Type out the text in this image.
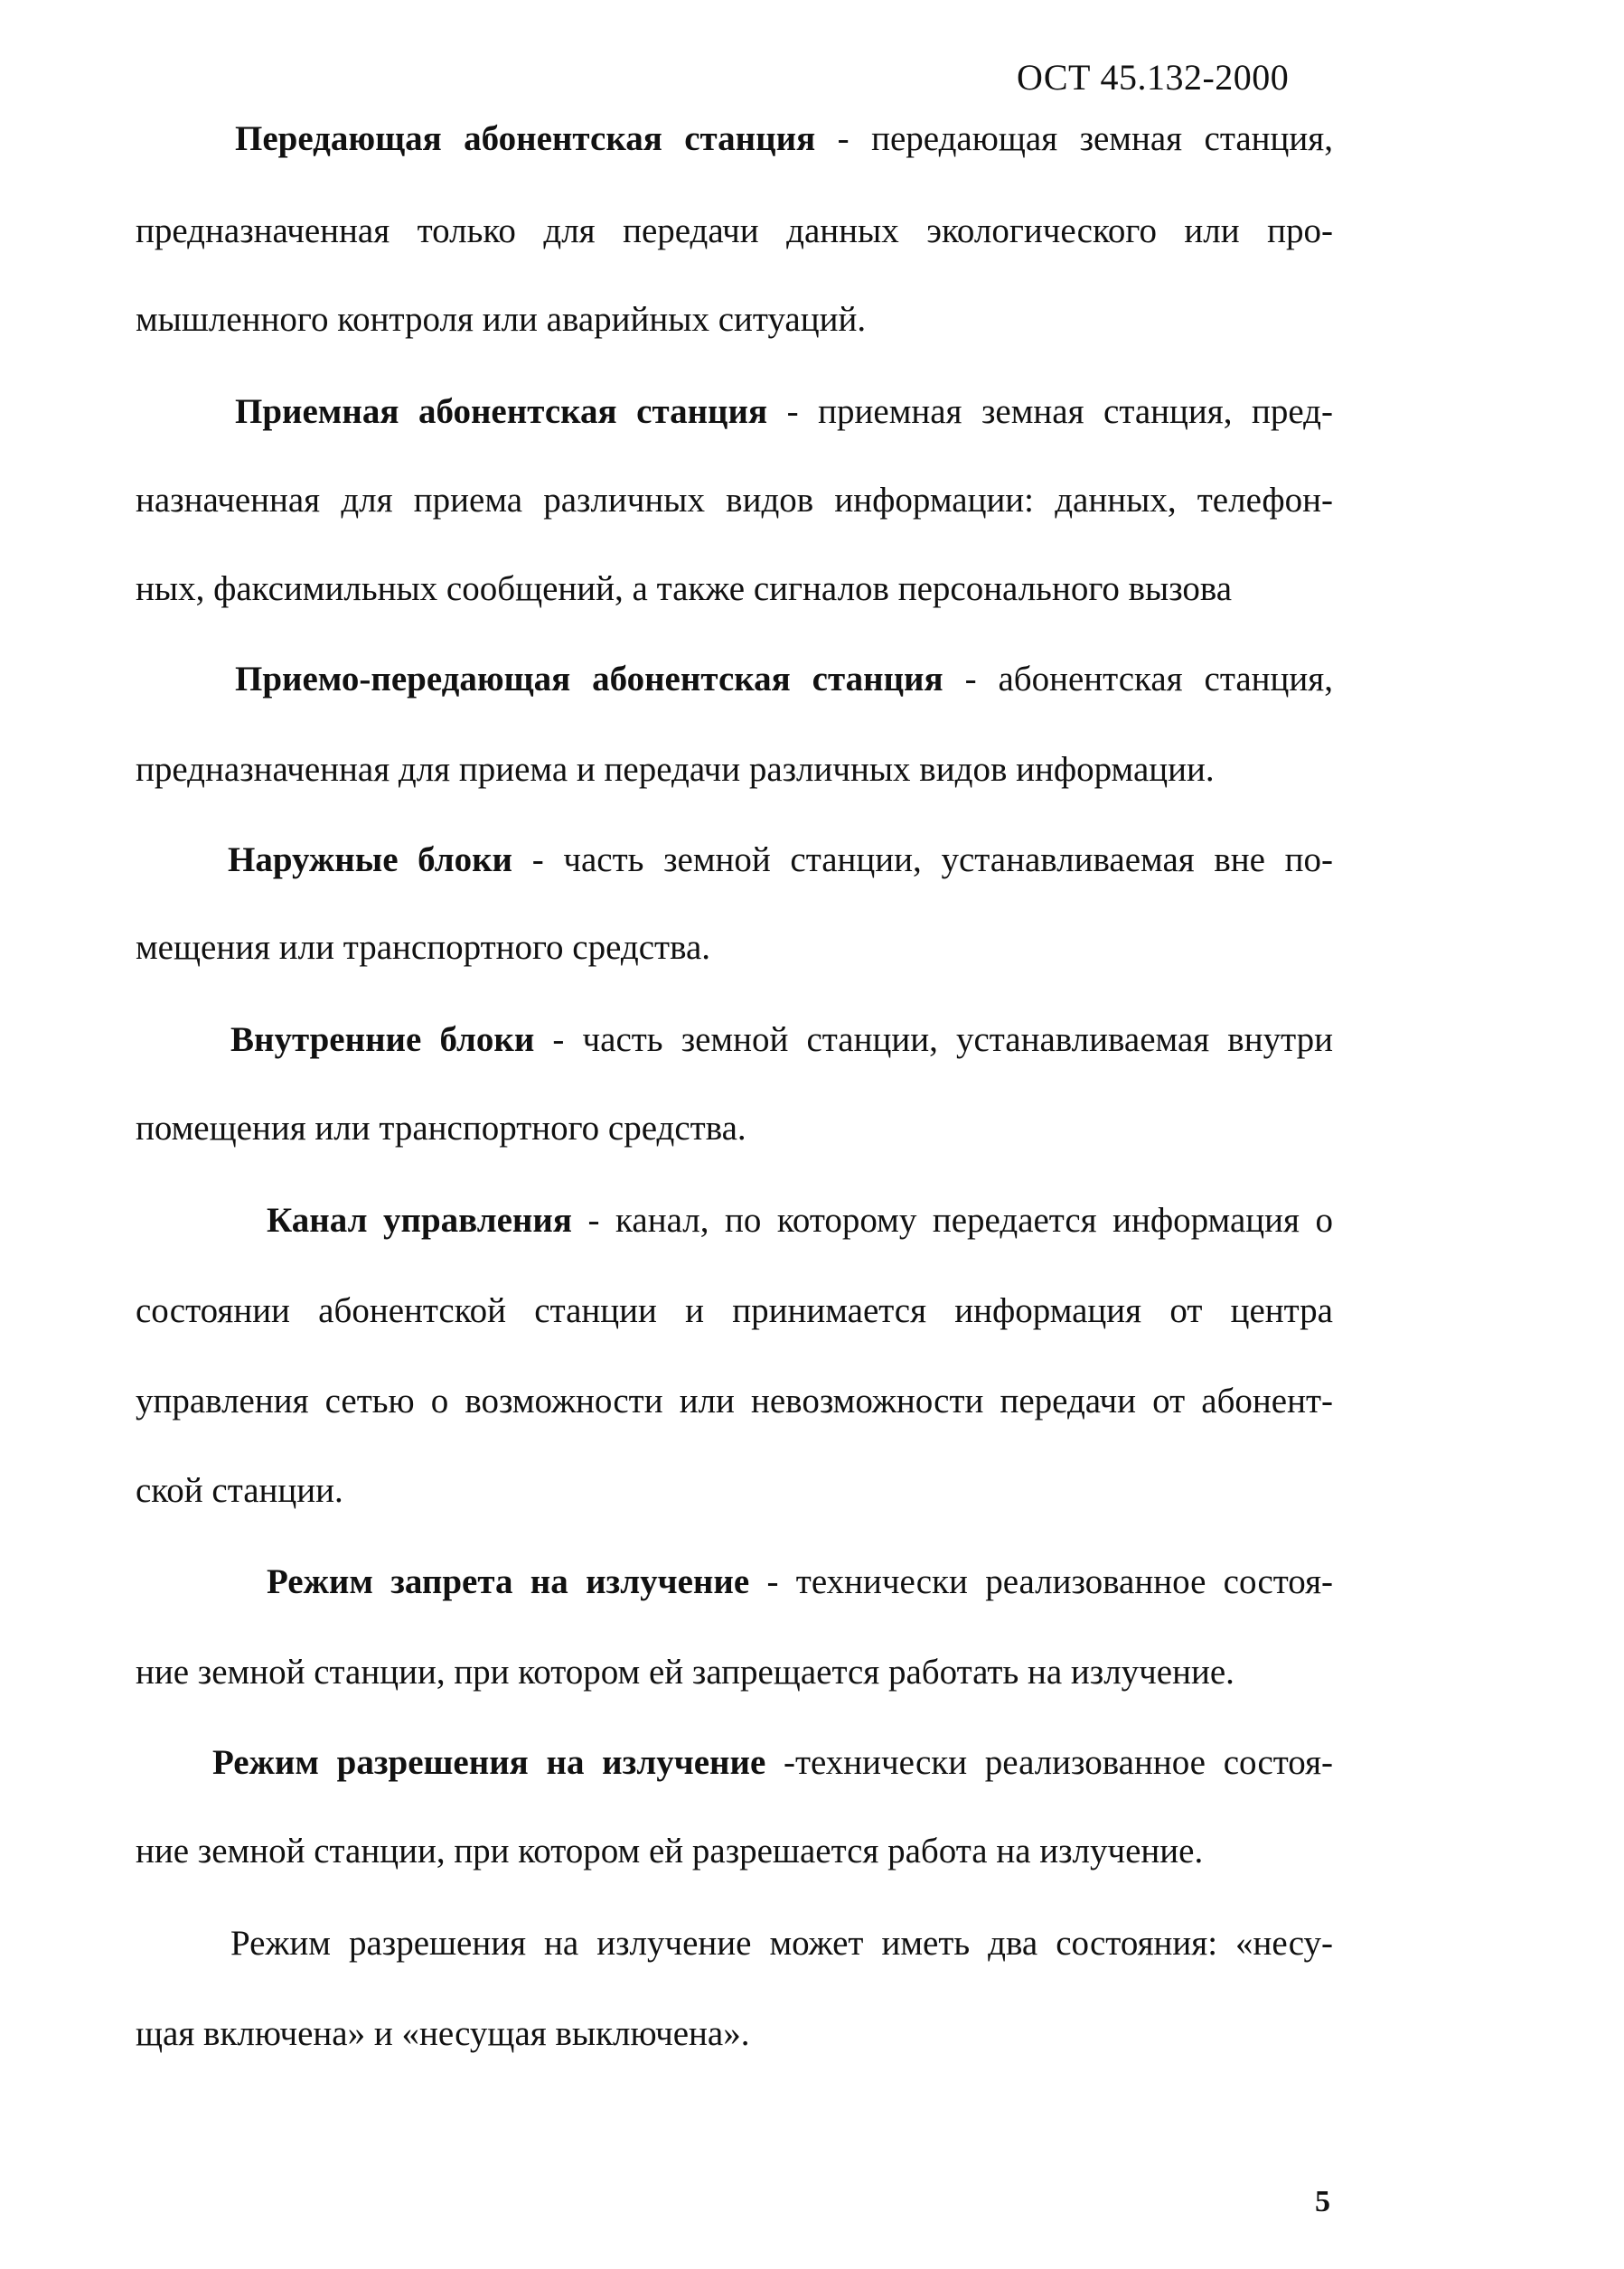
ОСТ 45.132-2000
Передающая абонентская станция - передающая земная станция,
предназначенная только для передачи данных экологического или про-
мышленного контроля или аварийных ситуаций.
Приемная абонентская станция - приемная земная станция, пред-
назначенная для приема различных видов информации: данных, телефон-
ных, факсимильных сообщений, а также сигналов персонального вызова
Приемо-передающая абонентская станция - абонентская станция,
предназначенная для приема и передачи различных видов информации.
Наружные блоки - часть земной станции, устанавливаемая вне по-
мещения или транспортного средства.
Внутренние блоки - часть земной станции, устанавливаемая внутри
помещения или транспортного средства.
Канал управления - канал, по которому передается информация о
состоянии абонентской станции и принимается информация от центра
управления сетью о возможности или невозможности передачи от абонент-
ской станции.
Режим запрета на излучение - технически реализованное состоя-
ние земной станции, при котором ей запрещается работать на излучение.
Режим разрешения на излучение -технически реализованное состоя-
ние земной станции, при котором ей разрешается работа на излучение.
Режим разрешения на излучение может иметь два состояния: «несу-
щая включена» и «несущая выключена».
5
